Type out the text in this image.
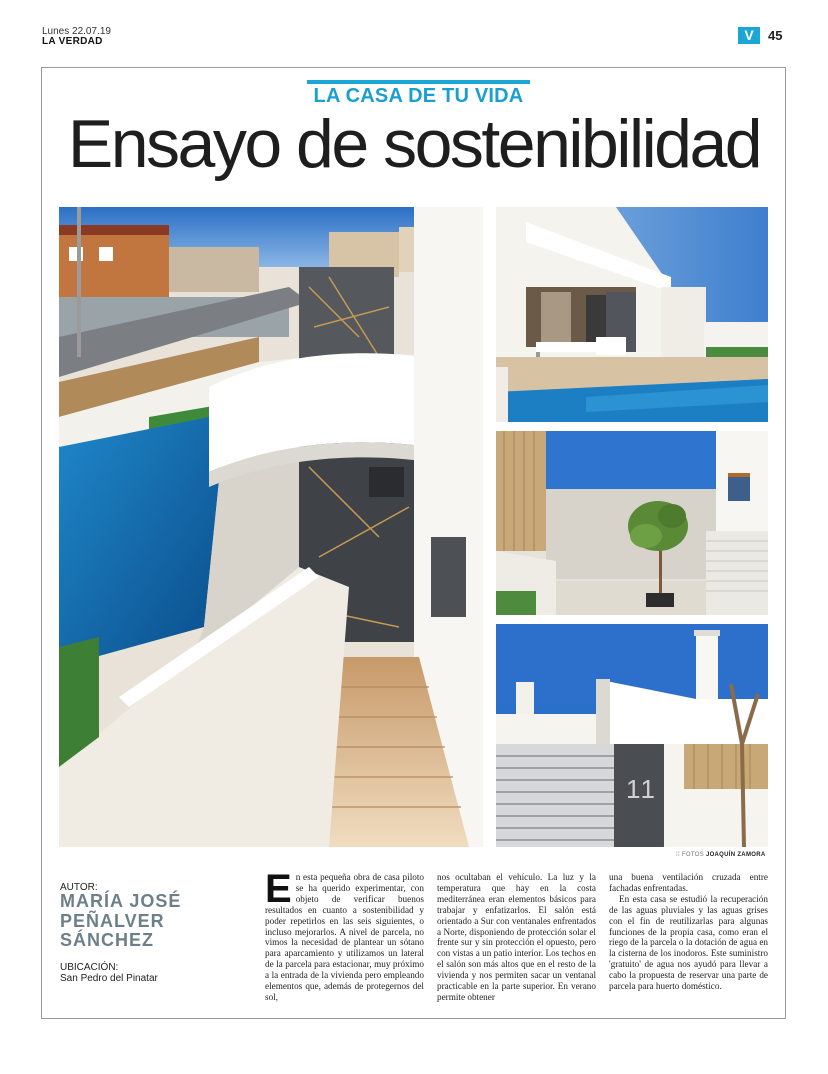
Lunes 22.07.19
LA VERDAD	V	45
LA CASA DE TU VIDA
Ensayo de sostenibilidad
11
⁞⁞ FOTOS JOAQUÍN ZAMORA
AUTOR:
MARÍA JOSÉ
PEÑALVER
SÁNCHEZ
UBICACIÓN:
San Pedro del Pinatar
En esta pequeña obra de casa piloto se ha querido experimentar, con objeto de verificar buenos resultados en cuanto a sostenibilidad y poder repetirlos en las seis siguientes, o incluso mejorarlos. A nivel de parcela, no vimos la necesidad de plantear un sótano para aparcamiento y utilizamos un lateral de la parcela para estacionar, muy próximo a la entrada de la vivienda pero empleando elementos que, además de protegernos del sol,
nos ocultaban el vehículo. La luz y la temperatura que hay en la costa mediterránea eran elementos básicos para trabajar y enfatizarlos. El salón está orientado a Sur con ventanales enfrentados a Norte, disponiendo de protección solar el frente sur y sin protección el opuesto, pero con vistas a un patio interior. Los techos en el salón son más altos que en el resto de la vivienda y nos permiten sacar un ventanal practicable en la parte superior. En verano permite obtener
una buena ventilación cruzada entre fachadas enfrentadas.
En esta casa se estudió la recuperación de las aguas pluviales y las aguas grises con el fin de reutilizarlas para algunas funciones de la propia casa, como eran el riego de la parcela o la dotación de agua en la cisterna de los inodoros. Este suministro 'gratuito' de agua nos ayudó para llevar a cabo la propuesta de reservar una parte de parcela para huerto doméstico.
